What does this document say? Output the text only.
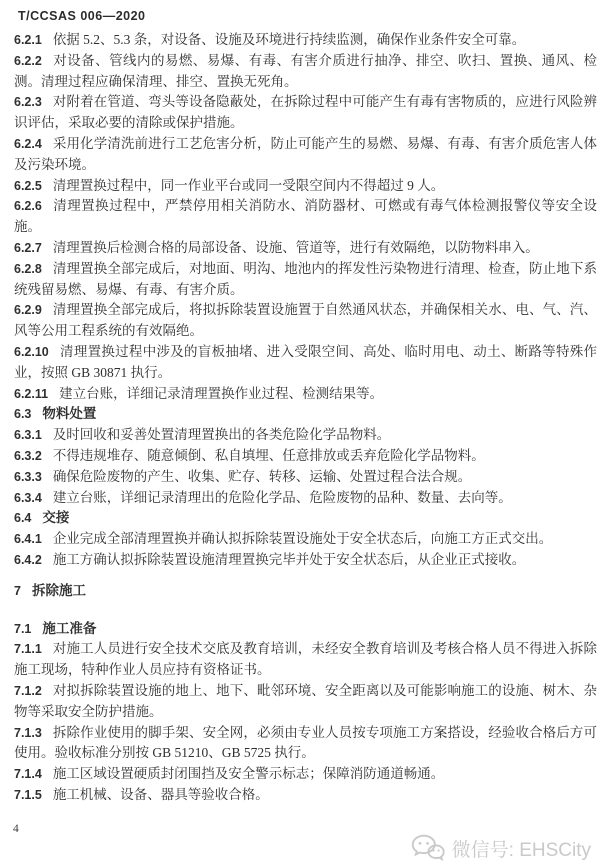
T/CCSAS 006—2020

6.2.1 依据 5.2、5.3 条，对设备、设施及环境进行持续监测，确保作业条件安全可靠。

6.2.2 对设备、管线内的易燃、易爆、有毒、有害介质进行抽净、排空、吹扫、置换、通风、检测。清理过程应确保清理、排空、置换无死角。

6.2.3 对附着在管道、弯头等设备隐蔽处，在拆除过程中可能产生有毒有害物质的，应进行风险辨识评估，采取必要的清除或保护措施。

6.2.4 采用化学清洗前进行工艺危害分析，防止可能产生的易燃、易爆、有毒、有害介质危害人体及污染环境。

6.2.5 清理置换过程中，同一作业平台或同一受限空间内不得超过 9 人。

6.2.6 清理置换过程中，严禁停用相关消防水、消防器材、可燃或有毒气体检测报警仪等安全设施。

6.2.7 清理置换后检测合格的局部设备、设施、管道等，进行有效隔绝，以防物料串入。

6.2.8 清理置换全部完成后，对地面、明沟、地池内的挥发性污染物进行清理、检查，防止地下系统残留易燃、易爆、有毒、有害介质。

6.2.9 清理置换全部完成后，将拟拆除装置设施置于自然通风状态，并确保相关水、电、气、汽、风等公用工程系统的有效隔绝。

6.2.10 清理置换过程中涉及的盲板抽堵、进入受限空间、高处、临时用电、动土、断路等特殊作业，按照 GB 30871 执行。

6.2.11 建立台账，详细记录清理置换作业过程、检测结果等。

6.3 物料处置

6.3.1 及时回收和妥善处置清理置换出的各类危险化学品物料。

6.3.2 不得违规堆存、随意倾倒、私自填埋、任意排放或丢弃危险化学品物料。

6.3.3 确保危险废物的产生、收集、贮存、转移、运输、处置过程合法合规。

6.3.4 建立台账，详细记录清理出的危险化学品、危险废物的品种、数量、去向等。

6.4 交接

6.4.1 企业完成全部清理置换并确认拟拆除装置设施处于安全状态后，向施工方正式交出。

6.4.2 施工方确认拟拆除装置设施清理置换完毕并处于安全状态后，从企业正式接收。

7 拆除施工

7.1 施工准备

7.1.1 对施工人员进行安全技术交底及教育培训，未经安全教育培训及考核合格人员不得进入拆除施工现场，特种作业人员应持有资格证书。

7.1.2 对拟拆除装置设施的地上、地下、毗邻环境、安全距离以及可能影响施工的设施、树木、杂物等采取安全防护措施。

7.1.3 拆除作业使用的脚手架、安全网，必须由专业人员按专项施工方案搭设，经验收合格后方可使用。验收标准分别按 GB 51210、GB 5725 执行。

7.1.4 施工区域设置硬质封闭围挡及安全警示标志；保障消防通道畅通。

7.1.5 施工机械、设备、器具等验收合格。

4
微信号: EHSCity
